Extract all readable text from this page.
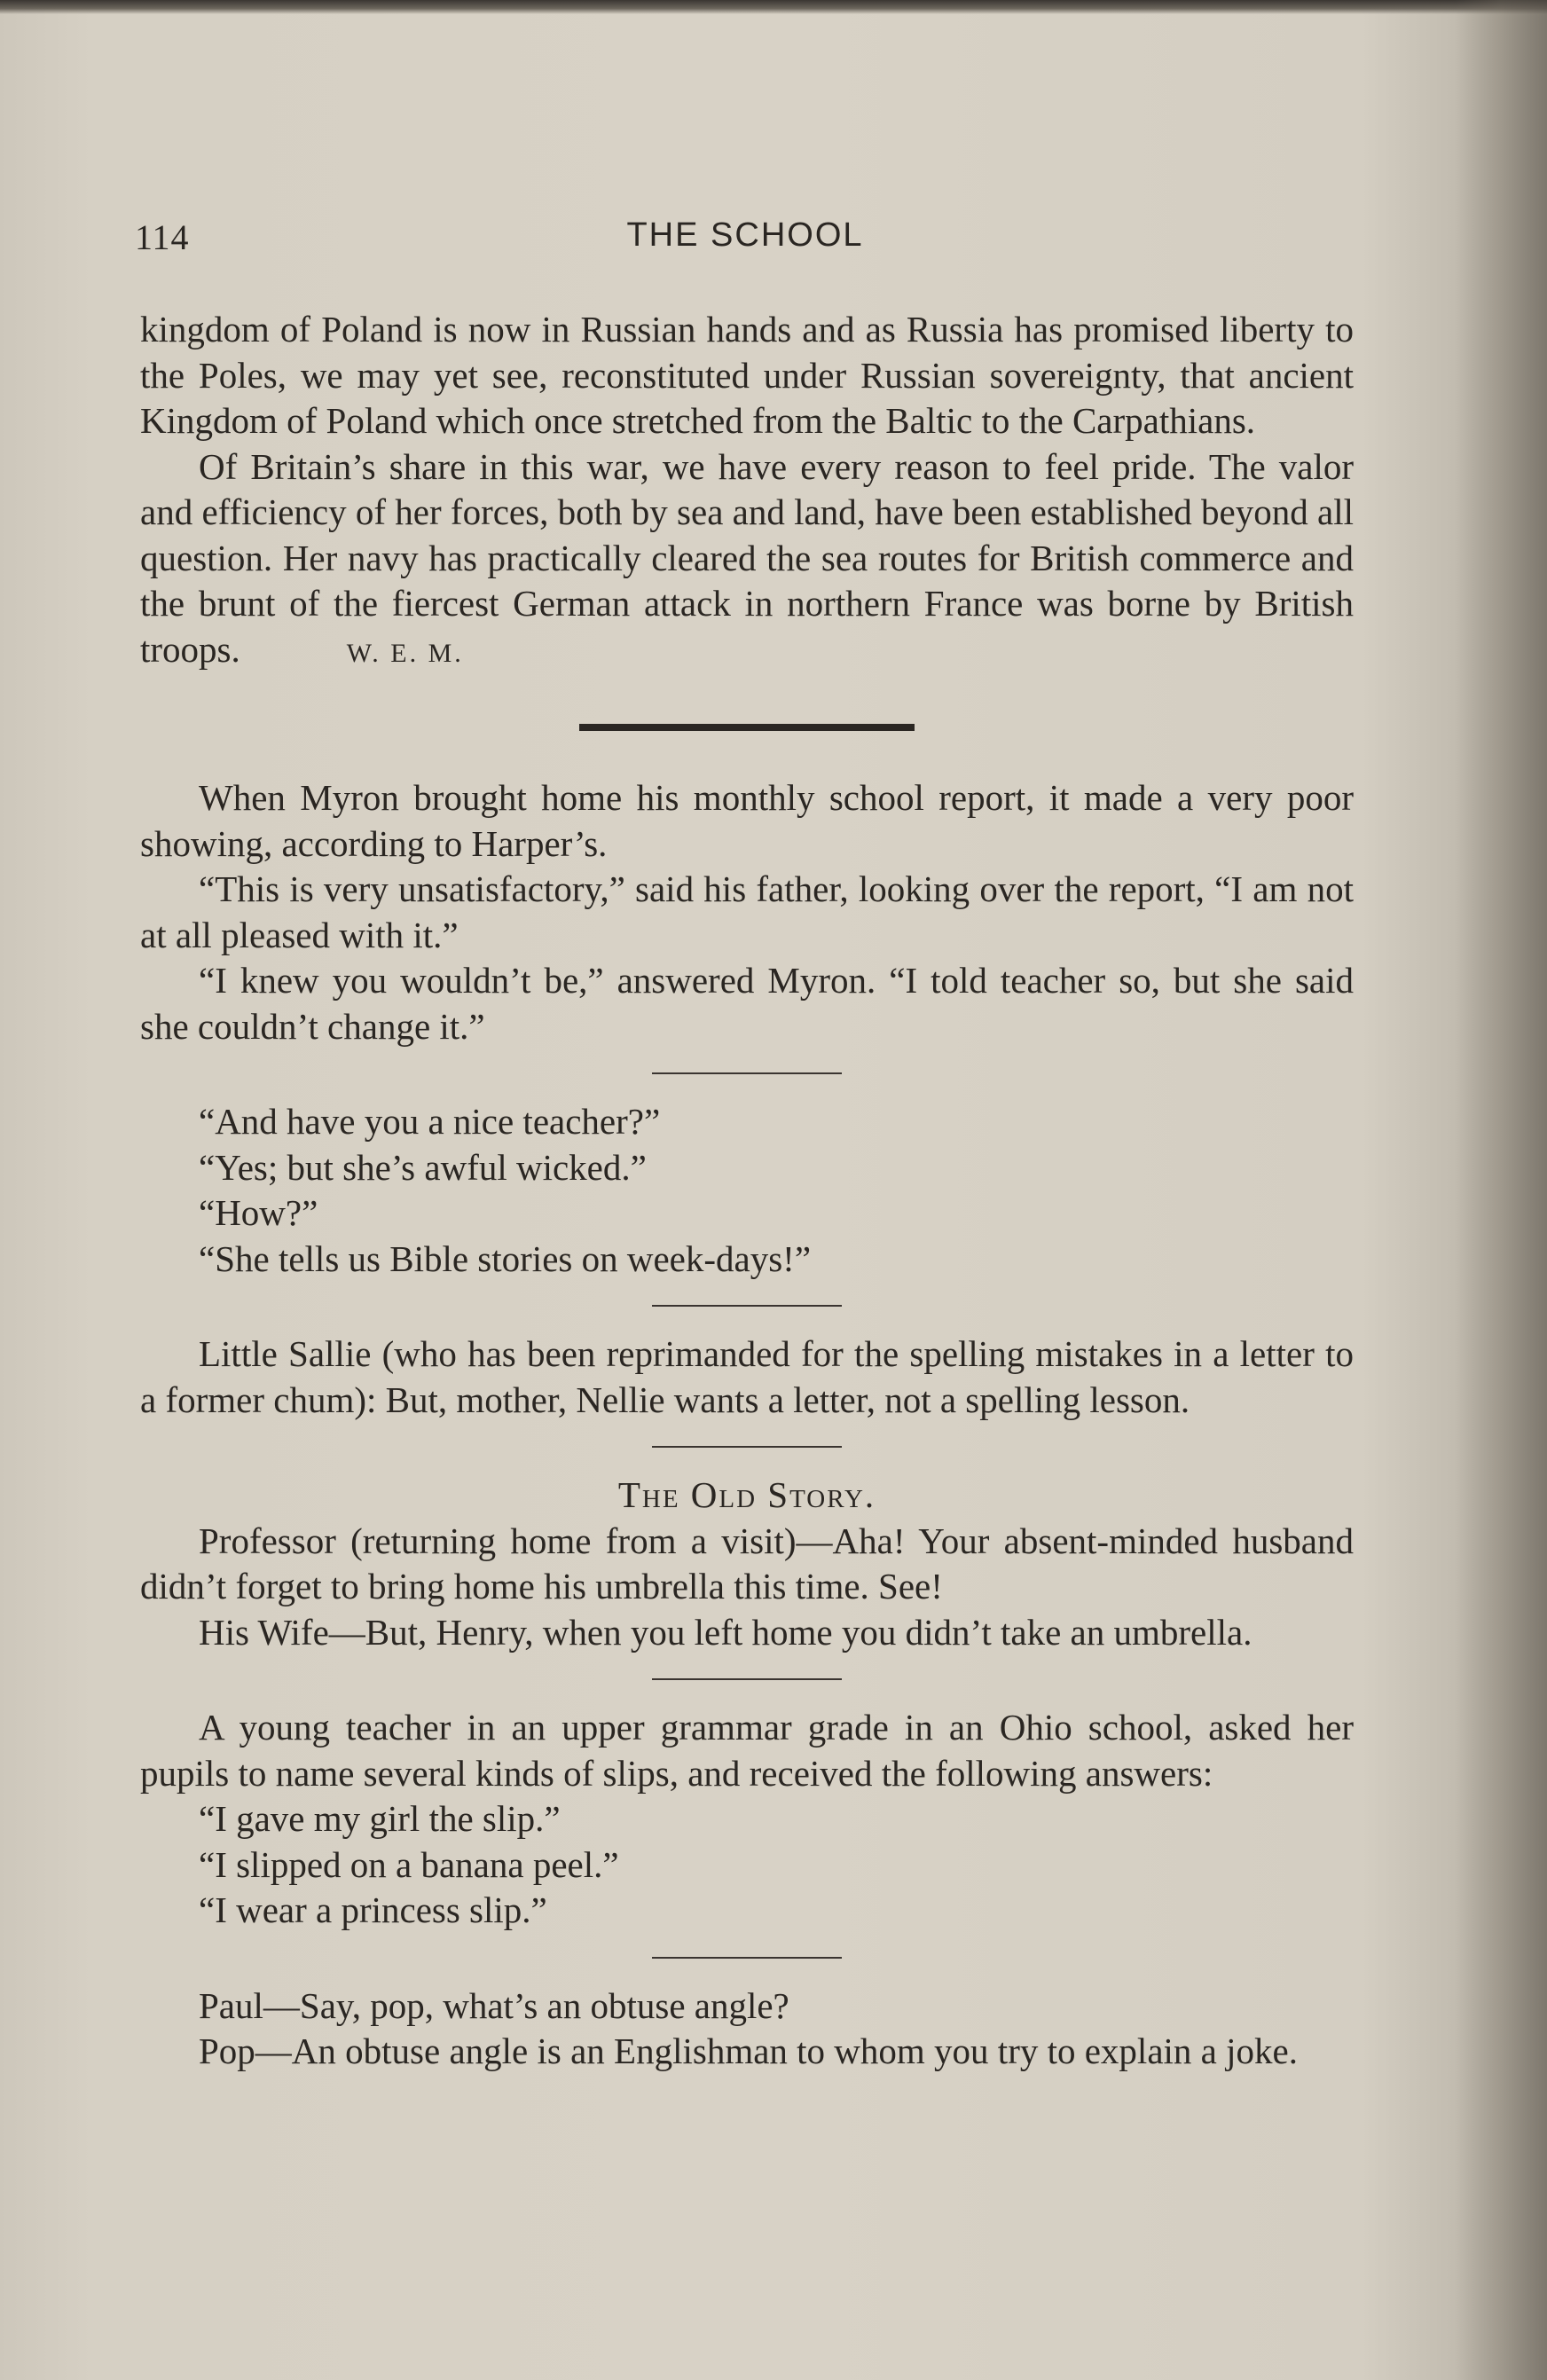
114	THE SCHOOL

kingdom of Poland is now in Russian hands and as Russia has promised liberty to the Poles, we may yet see, reconstituted under Russian sovereignty, that ancient Kingdom of Poland which once stretched from the Baltic to the Carpathians.

Of Britain’s share in this war, we have every reason to feel pride. The valor and efficiency of her forces, both by sea and land, have been established beyond all question. Her navy has practically cleared the sea routes for British commerce and the brunt of the fiercest German attack in northern France was borne by British troops.	W. E. M.

When Myron brought home his monthly school report, it made a very poor showing, according to Harper’s.

“This is very unsatisfactory,” said his father, looking over the report, “I am not at all pleased with it.”

“I knew you wouldn’t be,” answered Myron. “I told teacher so, but she said she couldn’t change it.”

“And have you a nice teacher?”

“Yes; but she’s awful wicked.”

“How?”

“She tells us Bible stories on week-days!”

Little Sallie (who has been reprimanded for the spelling mistakes in a letter to a former chum): But, mother, Nellie wants a letter, not a spelling lesson.

The Old Story.

Professor (returning home from a visit)—Aha! Your absent-minded husband didn’t forget to bring home his umbrella this time. See!

His Wife—But, Henry, when you left home you didn’t take an umbrella.

A young teacher in an upper grammar grade in an Ohio school, asked her pupils to name several kinds of slips, and received the following answers:

“I gave my girl the slip.”

“I slipped on a banana peel.”

“I wear a princess slip.”

Paul—Say, pop, what’s an obtuse angle?

Pop—An obtuse angle is an Englishman to whom you try to explain a joke.
